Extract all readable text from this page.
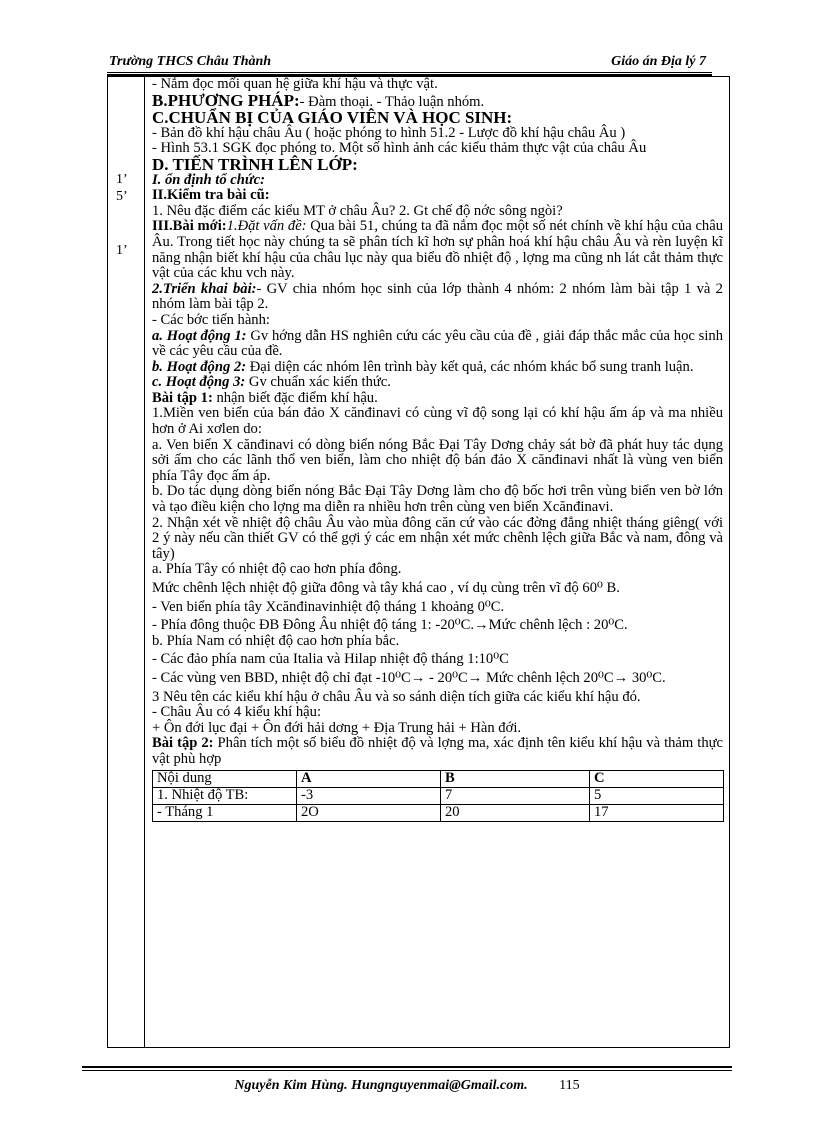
Trường THCS Châu Thành	Giáo án Địa lý 7
1’
5’
1’

- Nắm đọc mối quan hệ giữa khí hậu và thực vật.

B.PHƯƠNG PHÁP:- Đàm thoại. - Thảo luận nhóm.

C.CHUẨN BỊ CỦA GIÁO VIÊN VÀ HỌC SINH:

- Bản đồ khí hậu châu Âu ( hoặc phóng to hình 51.2 - Lược đồ khí hậu châu Âu )

- Hình 53.1 SGK đọc phóng to. Một số hình ảnh các kiểu thảm thực vật của châu Âu

D. TIẾN TRÌNH LÊN LỚP:

I. ổn định tổ chức:

II.Kiểm tra bài cũ:

1. Nêu đặc điểm các kiểu MT ở châu Âu? 2. Gt chế độ nớc sông ngòi?

III.Bài mới:1.Đặt vấn đề: Qua bài 51, chúng ta đã nắm đọc một số nét chính về khí hậu của châu Âu. Trong tiết học này chúng ta sẽ phân tích kĩ hơn sự phân hoá khí hậu châu Âu và rèn luyện kĩ năng nhận biết khí hậu của châu lục này qua biểu đồ nhiệt độ , lợng ma cũng nh lát cắt thảm thực vật của các khu vch này.

2.Triển khai bài:- GV chia nhóm học sinh của lớp thành 4 nhóm: 2 nhóm làm bài tập 1 và 2 nhóm làm bài tập 2.

- Các bớc tiến hành:

a. Hoạt động 1: Gv hớng dẫn HS nghiên cứu các yêu cầu của đề , giải đáp thắc mắc của học sinh về các yêu cầu của đề.

b. Hoạt động 2: Đại diện các nhóm lên trình bày kết quả, các nhóm khác bổ sung tranh luận.

c. Hoạt động 3: Gv chuẩn xác kiến thức.

Bài tập 1: nhận biết đặc điểm khí hậu.

1.Miền ven biển của bán đảo X cănđinavi có cùng vĩ độ song lại có khí hậu ấm áp và ma nhiều hơn ở Ai xơlen do:

a. Ven biển X cănđinavi có dòng biển nóng Bắc Đại Tây Dơng chảy sát bờ đã phát huy tác dụng sởi ấm cho các lãnh thổ ven biển, làm cho nhiệt độ bán đảo X cănđinavi nhất là vùng ven biển phía Tây đọc ấm áp.

b. Do tác dụng dòng biển nóng Bắc Đại Tây Dơng làm cho độ bốc hơi trên vùng biển ven bờ lớn và tạo điều kiện cho lợng ma diễn ra nhiều hơn trên cùng ven biển Xcănđinavi.

2. Nhận xét về nhiệt độ châu Âu vào mùa đông căn cứ vào các đờng đẳng nhiệt tháng giêng( với 2 ý này nếu cần thiết GV có thể gợi ý các em nhận xét mức chênh lệch giữa Bắc và nam, đông và tây)

a. Phía Tây có nhiệt độ cao hơn phía đông.

Mức chênh lệch nhiệt độ giữa đông và tây khá cao , ví dụ cùng trên vĩ độ 60⁰ B.

- Ven biển phía tây Xcănđinavinhiệt độ tháng 1 khoảng 0⁰C.

- Phía đông thuộc ĐB Đông Âu nhiệt độ táng 1: -20⁰C.→Mức chênh lệch : 20⁰C.

b. Phía Nam có nhiệt độ cao hơn phía bắc.

- Các đảo phía nam của Italia và Hilap nhiệt độ tháng 1:10⁰C

- Các vùng ven BBD, nhiệt độ chỉ đạt -10⁰C→ - 20⁰C→ Mức chênh lệch 20⁰C→ 30⁰C.

3 Nêu tên các kiểu khí hậu ở châu Âu và so sánh diện tích giữa các kiểu khí hậu đó.

- Châu Âu có 4 kiểu khí hậu:

+ Ôn đới lục đại + Ôn đới hải dơng + Địa Trung hải + Hàn đới.

Bài tập 2: Phân tích một số biểu đồ nhiệt độ và lợng ma, xác định tên kiểu khí hậu và thảm thực vật phù hợp

Nội dung	A	B	C
1. Nhiệt độ TB:	-3	7	5
- Tháng 1	2O	20	17
Nguyễn Kim Hùng. Hungnguyenmai@Gmail.com. 115
